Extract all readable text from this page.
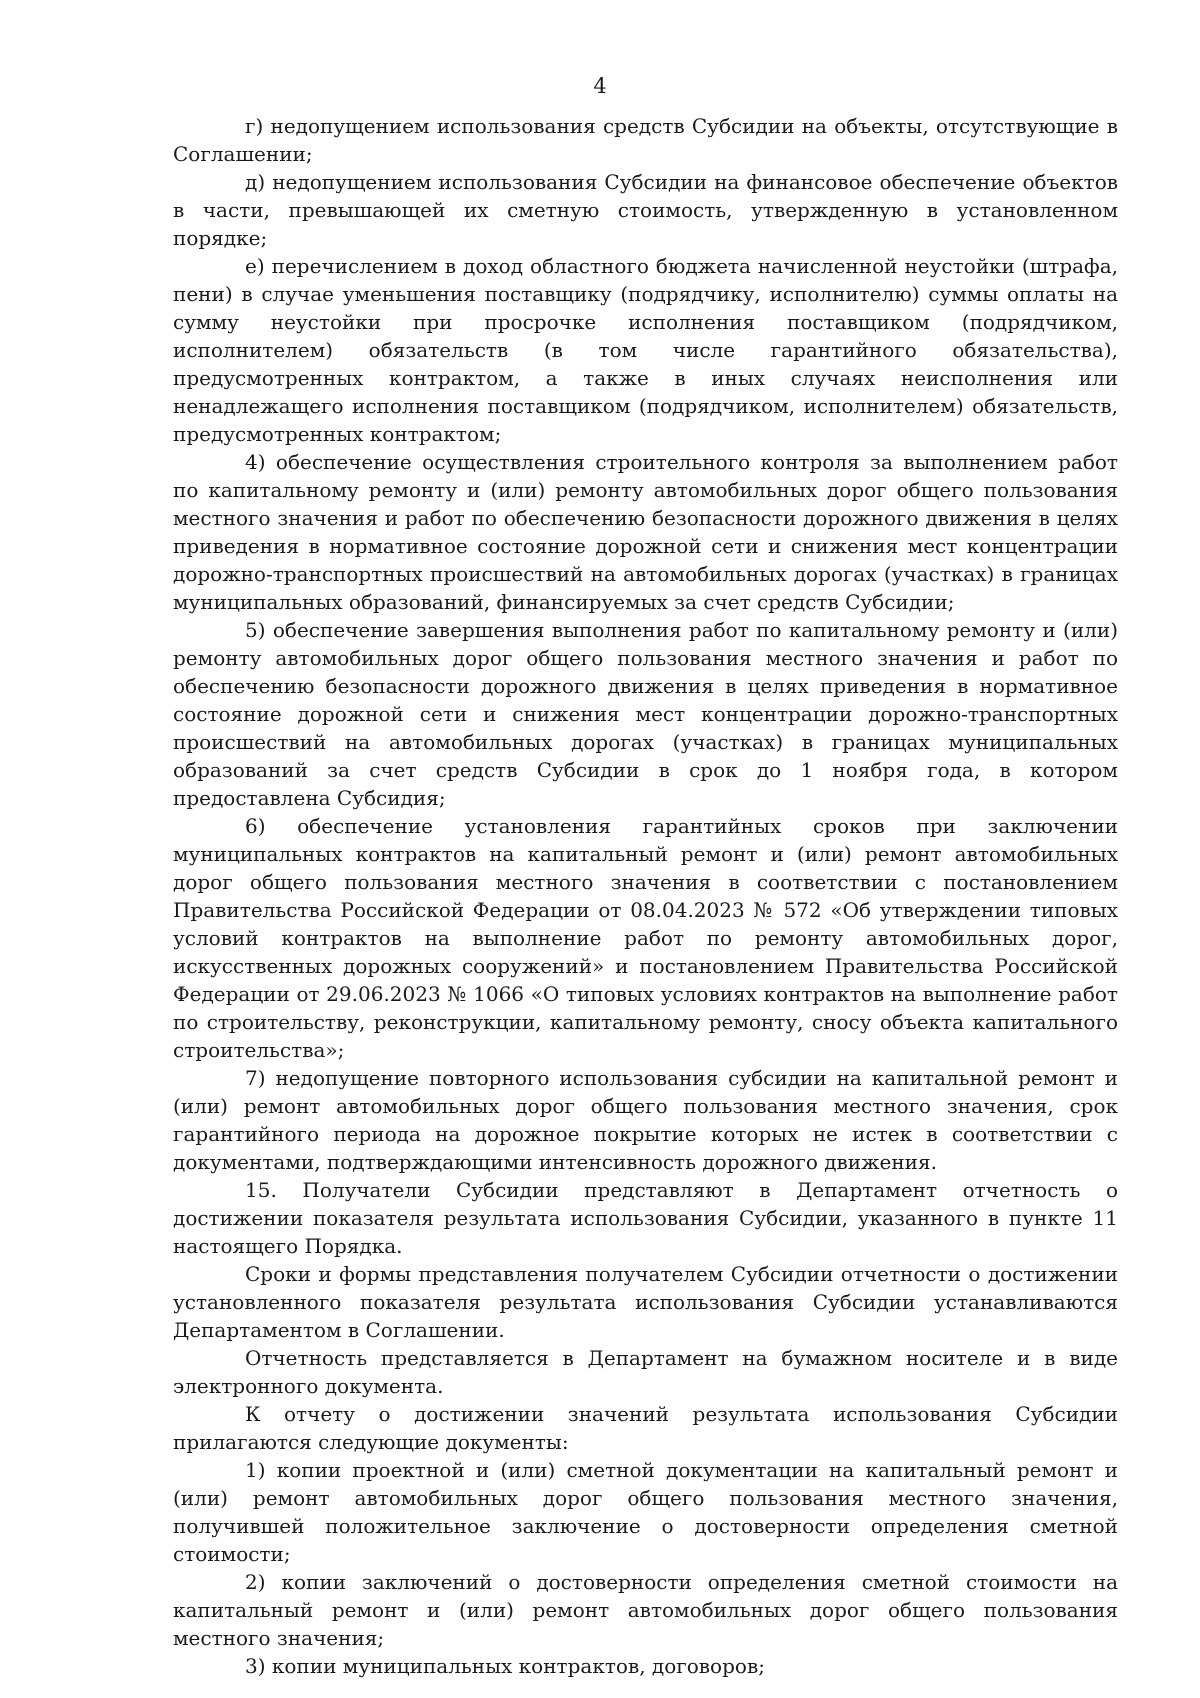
4

г) недопущением использования средств Субсидии на объекты, отсутствующие в Соглашении;

д) недопущением использования Субсидии на финансовое обеспечение объектов в части, превышающей их сметную стоимость, утвержденную в установленном порядке;

е) перечислением в доход областного бюджета начисленной неустойки (штрафа, пени) в случае уменьшения поставщику (подрядчику, исполнителю) суммы оплаты на сумму неустойки при просрочке исполнения поставщиком (подрядчиком, исполнителем) обязательств (в том числе гарантийного обязательства), предусмотренных контрактом, а также в иных случаях неисполнения или ненадлежащего исполнения поставщиком (подрядчиком, исполнителем) обязательств, предусмотренных контрактом;

4) обеспечение осуществления строительного контроля за выполнением работ по капитальному ремонту и (или) ремонту автомобильных дорог общего пользования местного значения и работ по обеспечению безопасности дорожного движения в целях приведения в нормативное состояние дорожной сети и снижения мест концентрации дорожно-транспортных происшествий на автомобильных дорогах (участках) в границах муниципальных образований, финансируемых за счет средств Субсидии;

5) обеспечение завершения выполнения работ по капитальному ремонту и (или) ремонту автомобильных дорог общего пользования местного значения и работ по обеспечению безопасности дорожного движения в целях приведения в нормативное состояние дорожной сети и снижения мест концентрации дорожно-транспортных происшествий на автомобильных дорогах (участках) в границах муниципальных образований за счет средств Субсидии в срок до 1 ноября года, в котором предоставлена Субсидия;

6) обеспечение установления гарантийных сроков при заключении муниципальных контрактов на капитальный ремонт и (или) ремонт автомобильных дорог общего пользования местного значения в соответствии с постановлением Правительства Российской Федерации от 08.04.2023 № 572 «Об утверждении типовых условий контрактов на выполнение работ по ремонту автомобильных дорог, искусственных дорожных сооружений» и постановлением Правительства Российской Федерации от 29.06.2023 № 1066 «О типовых условиях контрактов на выполнение работ по строительству, реконструкции, капитальному ремонту, сносу объекта капитального строительства»;

7) недопущение повторного использования субсидии на капитальной ремонт и (или) ремонт автомобильных дорог общего пользования местного значения, срок гарантийного периода на дорожное покрытие которых не истек в соответствии с документами, подтверждающими интенсивность дорожного движения.

15. Получатели Субсидии представляют в Департамент отчетность о достижении показателя результата использования Субсидии, указанного в пункте 11 настоящего Порядка.

Сроки и формы представления получателем Субсидии отчетности о достижении установленного показателя результата использования Субсидии устанавливаются Департаментом в Соглашении.

Отчетность представляется в Департамент на бумажном носителе и в виде электронного документа.

К отчету о достижении значений результата использования Субсидии прилагаются следующие документы:

1) копии проектной и (или) сметной документации на капитальный ремонт и (или) ремонт автомобильных дорог общего пользования местного значения, получившей положительное заключение о достоверности определения сметной стоимости;

2) копии заключений о достоверности определения сметной стоимости на капитальный ремонт и (или) ремонт автомобильных дорог общего пользования местного значения;

3) копии муниципальных контрактов, договоров;
